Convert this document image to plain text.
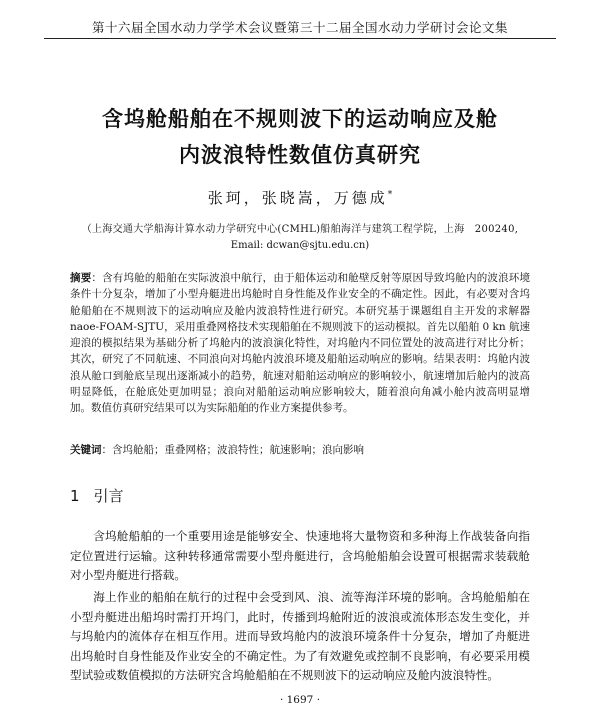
第十六届全国水动力学学术会议暨第三十二届全国水动力学研讨会论文集
含坞舱船舶在不规则波下的运动响应及舱
内波浪特性数值仿真研究
张珂，张晓嵩，万德成*
（上海交通大学船海计算水动力学研究中心(CMHL)船舶海洋与建筑工程学院，上海　200240,
Email: dcwan@sjtu.edu.cn)
摘要：含有坞舱的船舶在实际波浪中航行，由于船体运动和舱壁反射等原因导致坞舱内的波浪环境条件十分复杂，增加了小型舟艇进出坞舱时自身性能及作业安全的不确定性。因此，有必要对含坞舱船舶在不规则波下的运动响应及舱内波浪特性进行研究。本研究基于课题组自主开发的求解器 naoe-FOAM-SJTU，采用重叠网格技术实现船舶在不规则波下的运动模拟。首先以船舶 0 kn 航速迎浪的模拟结果为基础分析了坞舱内的波浪演化特性，对坞舱内不同位置处的波高进行对比分析；其次，研究了不同航速、不同浪向对坞舱内波浪环境及船舶运动响应的影响。结果表明：坞舱内波浪从舱口到舱底呈现出逐渐减小的趋势，航速对船舶运动响应的影响较小，航速增加后舱内的波高明显降低，在舱底处更加明显；浪向对船舶运动响应影响较大，随着浪向角减小舱内波高明显增加。数值仿真研究结果可以为实际船舶的作业方案提供参考。
关键词：含坞舱船；重叠网格；波浪特性；航速影响；浪向影响
1 引言
含坞舱船舶的一个重要用途是能够安全、快速地将大量物资和多种海上作战装备向指定位置进行运输。这种转移通常需要小型舟艇进行，含坞舱船舶会设置可根据需求装载舱对小型舟艇进行搭载。
海上作业的船舶在航行的过程中会受到风、浪、流等海洋环境的影响。含坞舱船舶在小型舟艇进出船坞时需打开坞门，此时，传播到坞舱附近的波浪或流体形态发生变化，并与坞舱内的流体存在相互作用。进而导致坞舱内的波浪环境条件十分复杂，增加了舟艇进出坞舱时自身性能及作业安全的不确定性。为了有效避免或控制不良影响，有必要采用模型试验或数值模拟的方法研究含坞舱船舶在不规则波下的运动响应及舱内波浪特性。
· 1697 ·
